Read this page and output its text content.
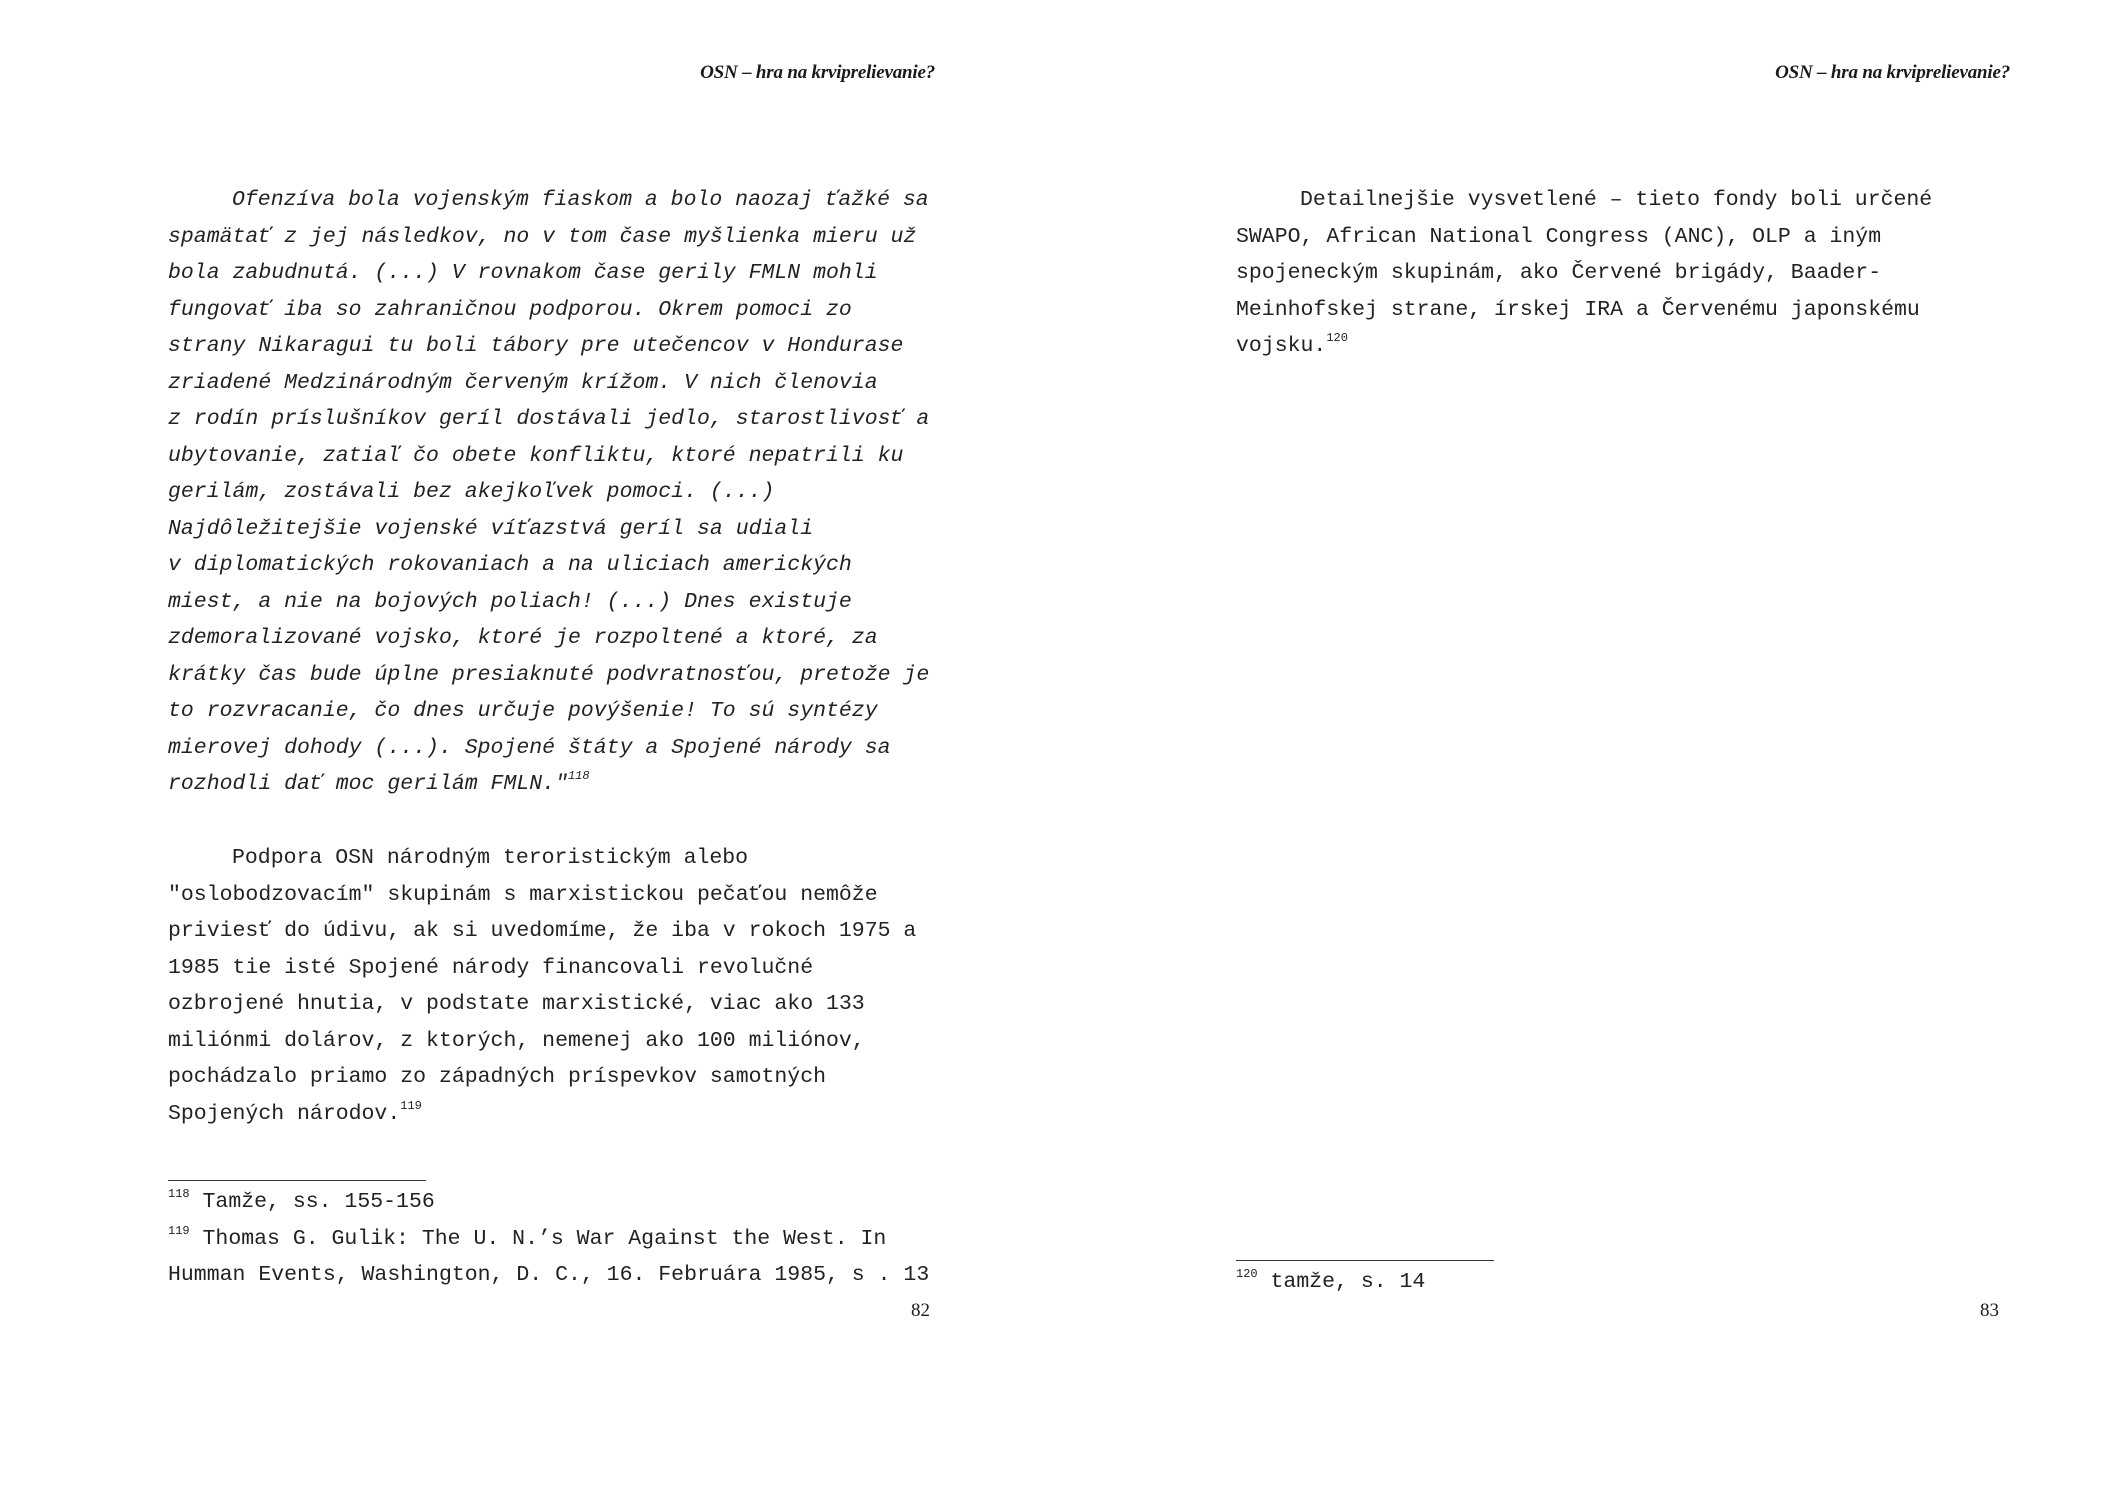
OSN – hra na krviprelievanie?
Ofenzíva bola vojenským fiaskom a bolo naozaj ťažké sa
spamätať z jej následkov, no v tom čase myšlienka mieru už
bola zabudnutá. (...) V rovnakom čase gerily FMLN mohli
fungovať iba so zahraničnou podporou. Okrem pomoci zo
strany Nikaragui tu boli tábory pre utečencov v Hondurase
zriadené Medzinárodným červeným krížom. V nich členovia
z rodín príslušníkov geríl dostávali jedlo, starostlivosť a
ubytovanie, zatiaľ čo obete konfliktu, ktoré nepatrili ku
gerilám, zostávali bez akejkoľvek pomoci. (...)
Najdôležitejšie vojenské víťazstvá geríl sa udiali
v diplomatických rokovaniach a na uliciach amerických
miest, a nie na bojových poliach! (...) Dnes existuje
zdemoralizované vojsko, ktoré je rozpoltené a ktoré, za
krátky čas bude úplne presiaknuté podvratnosťou, pretože je
to rozvracanie, čo dnes určuje povýšenie! To sú syntézy
mierovej dohody (...). Spojené štáty a Spojené národy sa
rozhodli dať moc gerilám FMLN."$^{118}$
Podpora OSN národným teroristickým alebo
"oslobodzovacím" skupinám s marxistickou pečaťou nemôže
priviesť do údivu, ak si uvedomíme, že iba v rokoch 1975 a
1985 tie isté Spojené národy financovali revolučné
ozbrojené hnutia, v podstate marxistické, viac ako 133
miliónmi dolárov, z ktorých, nemenej ako 100 miliónov,
pochádzalo priamo zo západných príspevkov samotných
Spojených národov.$^{119}$
$^{118}$ Tamže, ss. 155-156
$^{119}$ Thomas G. Gulik: The U. N.’s War Against the West. In
Humman Events, Washington, D. C., 16. Februára 1985, s . 13
82
OSN – hra na krviprelievanie?
Detailnejšie vysvetlené – tieto fondy boli určené
SWAPO, African National Congress (ANC), OLP a iným
spojeneckým skupinám, ako Červené brigády, Baader-
Meinhofskej strane, írskej IRA a Červenému japonskému
vojsku.$^{120}$
$^{120}$ tamže, s. 14
83
